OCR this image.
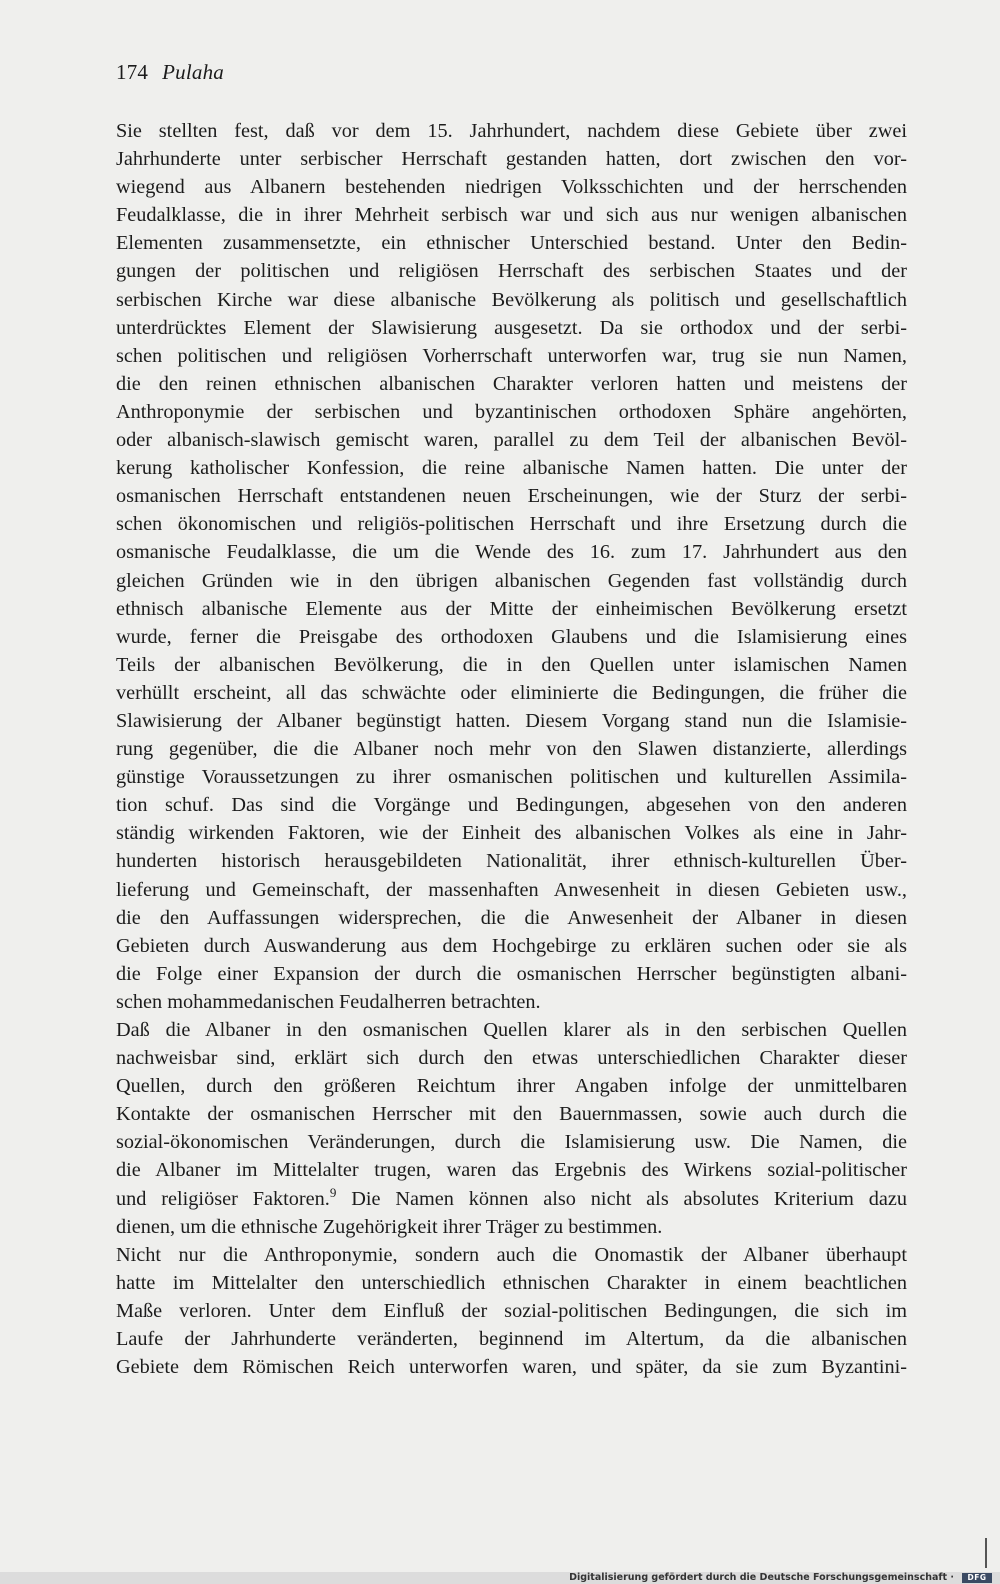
174 Pulaha
Sie stellten fest, daß vor dem 15. Jahrhundert, nachdem diese Gebiete über zwei
Jahrhunderte unter serbischer Herrschaft gestanden hatten, dort zwischen den vor-
wiegend aus Albanern bestehenden niedrigen Volksschichten und der herrschenden
Feudalklasse, die in ihrer Mehrheit serbisch war und sich aus nur wenigen albanischen
Elementen zusammensetzte, ein ethnischer Unterschied bestand. Unter den Bedin-
gungen der politischen und religiösen Herrschaft des serbischen Staates und der
serbischen Kirche war diese albanische Bevölkerung als politisch und gesellschaftlich
unterdrücktes Element der Slawisierung ausgesetzt. Da sie orthodox und der serbi-
schen politischen und religiösen Vorherrschaft unterworfen war, trug sie nun Namen,
die den reinen ethnischen albanischen Charakter verloren hatten und meistens der
Anthroponymie der serbischen und byzantinischen orthodoxen Sphäre angehörten,
oder albanisch-slawisch gemischt waren, parallel zu dem Teil der albanischen Bevöl-
kerung katholischer Konfession, die reine albanische Namen hatten. Die unter der
osmanischen Herrschaft entstandenen neuen Erscheinungen, wie der Sturz der serbi-
schen ökonomischen und religiös-politischen Herrschaft und ihre Ersetzung durch die
osmanische Feudalklasse, die um die Wende des 16. zum 17. Jahrhundert aus den
gleichen Gründen wie in den übrigen albanischen Gegenden fast vollständig durch
ethnisch albanische Elemente aus der Mitte der einheimischen Bevölkerung ersetzt
wurde, ferner die Preisgabe des orthodoxen Glaubens und die Islamisierung eines
Teils der albanischen Bevölkerung, die in den Quellen unter islamischen Namen
verhüllt erscheint, all das schwächte oder eliminierte die Bedingungen, die früher die
Slawisierung der Albaner begünstigt hatten. Diesem Vorgang stand nun die Islamisie-
rung gegenüber, die die Albaner noch mehr von den Slawen distanzierte, allerdings
günstige Voraussetzungen zu ihrer osmanischen politischen und kulturellen Assimila-
tion schuf. Das sind die Vorgänge und Bedingungen, abgesehen von den anderen
ständig wirkenden Faktoren, wie der Einheit des albanischen Volkes als eine in Jahr-
hunderten historisch herausgebildeten Nationalität, ihrer ethnisch-kulturellen Über-
lieferung und Gemeinschaft, der massenhaften Anwesenheit in diesen Gebieten usw.,
die den Auffassungen widersprechen, die die Anwesenheit der Albaner in diesen
Gebieten durch Auswanderung aus dem Hochgebirge zu erklären suchen oder sie als
die Folge einer Expansion der durch die osmanischen Herrscher begünstigten albani-
schen mohammedanischen Feudalherren betrachten.
Daß die Albaner in den osmanischen Quellen klarer als in den serbischen Quellen
nachweisbar sind, erklärt sich durch den etwas unterschiedlichen Charakter dieser
Quellen, durch den größeren Reichtum ihrer Angaben infolge der unmittelbaren
Kontakte der osmanischen Herrscher mit den Bauernmassen, sowie auch durch die
sozial-ökonomischen Veränderungen, durch die Islamisierung usw. Die Namen, die
die Albaner im Mittelalter trugen, waren das Ergebnis des Wirkens sozial-politischer
und religiöser Faktoren.$^9$ Die Namen können also nicht als absolutes Kriterium dazu
dienen, um die ethnische Zugehörigkeit ihrer Träger zu bestimmen.
Nicht nur die Anthroponymie, sondern auch die Onomastik der Albaner überhaupt
hatte im Mittelalter den unterschiedlich ethnischen Charakter in einem beachtlichen
Maße verloren. Unter dem Einfluß der sozial-politischen Bedingungen, die sich im
Laufe der Jahrhunderte veränderten, beginnend im Altertum, da die albanischen
Gebiete dem Römischen Reich unterworfen waren, und später, da sie zum Byzantini-
Digitalisierung gefördert durch die Deutsche Forschungsgemeinschaft ·	DFG
